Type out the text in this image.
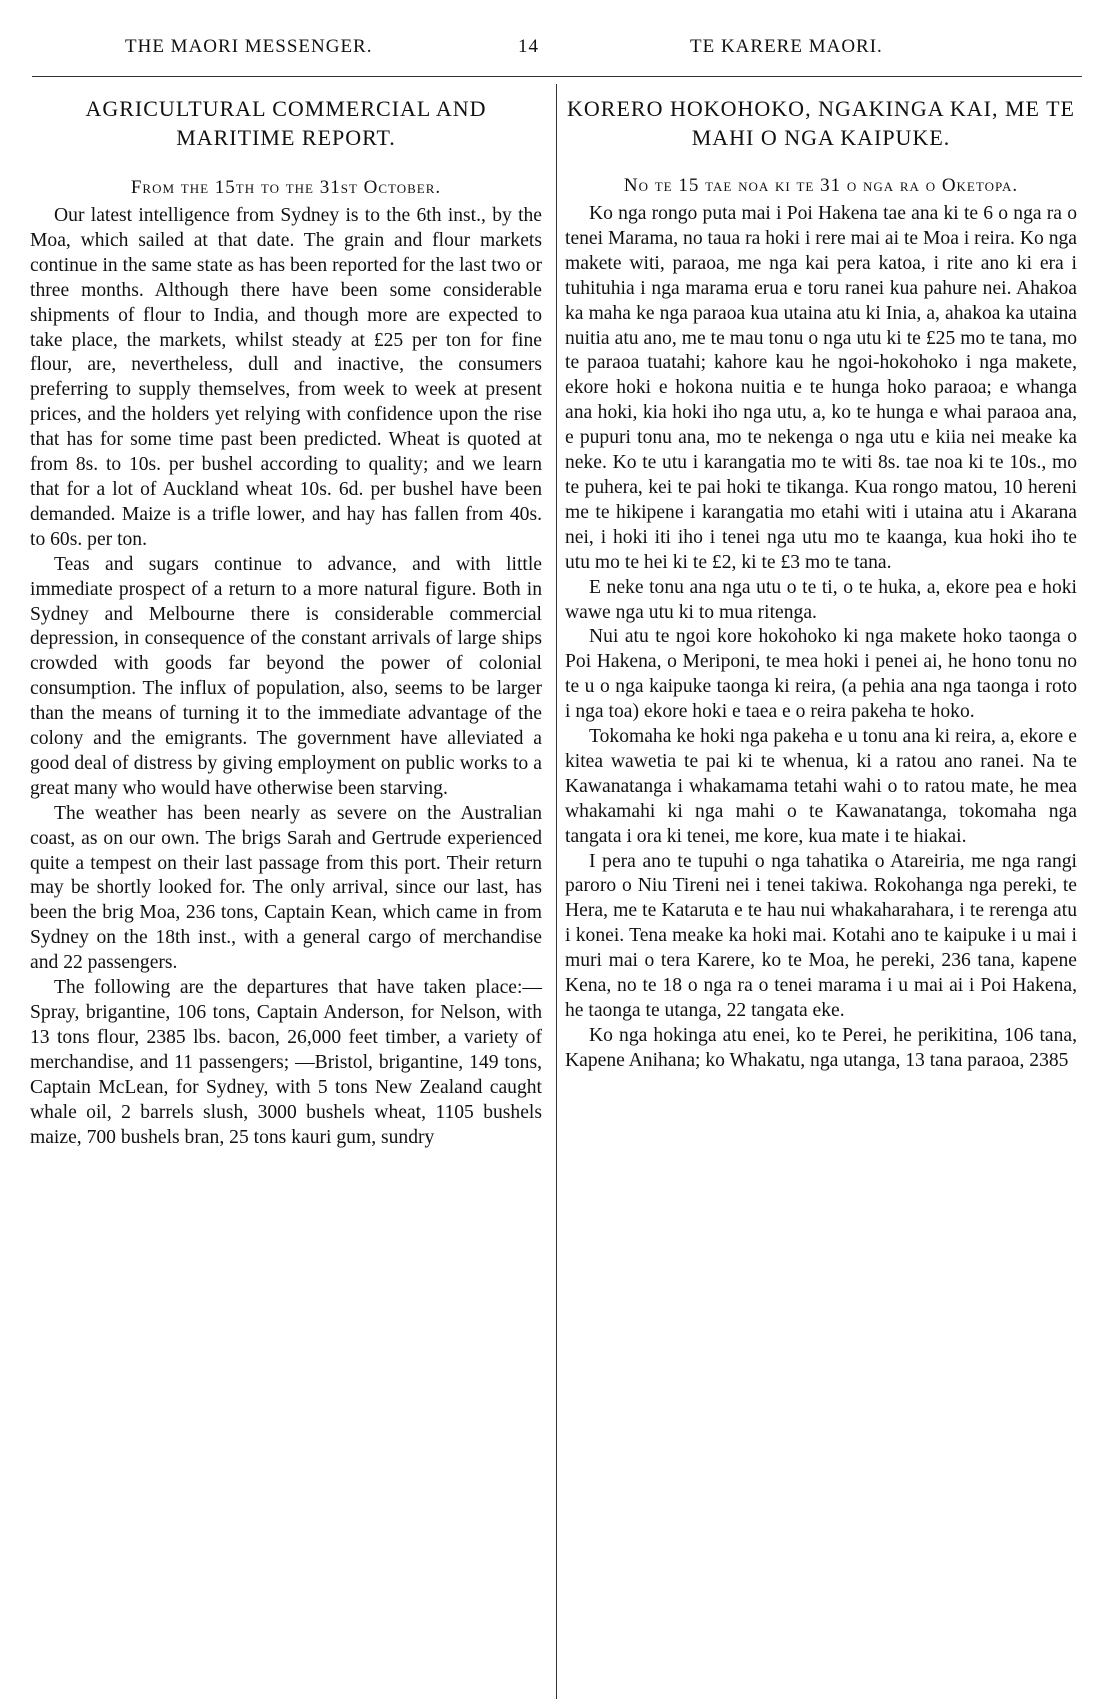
THE MAORI MESSENGER.	14	TE KARERE MAORI.
AGRICULTURAL COMMERCIAL AND MARITIME REPORT.
From the 15th to the 31st October.

Our latest intelligence from Sydney is to the 6th inst., by the Moa, which sailed at that date. The grain and flour markets continue in the same state as has been reported for the last two or three months. Although there have been some considerable shipments of flour to India, and though more are expected to take place, the markets, whilst steady at £25 per ton for fine flour, are, nevertheless, dull and inactive, the consumers preferring to supply themselves, from week to week at present prices, and the holders yet relying with confidence upon the rise that has for some time past been predicted. Wheat is quoted at from 8s. to 10s. per bushel according to quality; and we learn that for a lot of Auckland wheat 10s. 6d. per bushel have been demanded. Maize is a trifle lower, and hay has fallen from 40s. to 60s. per ton.

Teas and sugars continue to advance, and with little immediate prospect of a return to a more natural figure. Both in Sydney and Melbourne there is considerable commercial depression, in consequence of the constant arrivals of large ships crowded with goods far beyond the power of colonial consumption. The influx of population, also, seems to be larger than the means of turning it to the immediate advantage of the colony and the emigrants. The government have alleviated a good deal of distress by giving employment on public works to a great many who would have otherwise been starving.

The weather has been nearly as severe on the Australian coast, as on our own. The brigs Sarah and Gertrude experienced quite a tempest on their last passage from this port. Their return may be shortly looked for. The only arrival, since our last, has been the brig Moa, 236 tons, Captain Kean, which came in from Sydney on the 18th inst., with a general cargo of merchandise and 22 passengers.

The following are the departures that have taken place:—Spray, brigantine, 106 tons, Captain Anderson, for Nelson, with 13 tons flour, 2385 lbs. bacon, 26,000 feet timber, a variety of merchandise, and 11 passengers; —Bristol, brigantine, 149 tons, Captain McLean, for Sydney, with 5 tons New Zealand caught whale oil, 2 barrels slush, 3000 bushels wheat, 1105 bushels maize, 700 bushels bran, 25 tons kauri gum, sundry

KORERO HOKOHOKO, NGAKINGA KAI, ME TE MAHI O NGA KAIPUKE.
No te 15 tae noa ki te 31 o nga ra o Oketopa.

Ko nga rongo puta mai i Poi Hakena tae ana ki te 6 o nga ra o tenei Marama, no taua ra hoki i rere mai ai te Moa i reira. Ko nga makete witi, paraoa, me nga kai pera katoa, i rite ano ki era i tuhituhia i nga marama erua e toru ranei kua pahure nei. Ahakoa ka maha ke nga paraoa kua utaina atu ki Inia, a, ahakoa ka utaina nuitia atu ano, me te mau tonu o nga utu ki te £25 mo te tana, mo te paraoa tuatahi; kahore kau he ngoi-hokohoko i nga makete, ekore hoki e hokona nuitia e te hunga hoko paraoa; e whanga ana hoki, kia hoki iho nga utu, a, ko te hunga e whai paraoa ana, e pupuri tonu ana, mo te nekenga o nga utu e kiia nei meake ka neke. Ko te utu i karangatia mo te witi 8s. tae noa ki te 10s., mo te puhera, kei te pai hoki te tikanga. Kua rongo matou, 10 hereni me te hikipene i karangatia mo etahi witi i utaina atu i Akarana nei, i hoki iti iho i tenei nga utu mo te kaanga, kua hoki iho te utu mo te hei ki te £2, ki te £3 mo te tana.

E neke tonu ana nga utu o te ti, o te huka, a, ekore pea e hoki wawe nga utu ki to mua ritenga.

Nui atu te ngoi kore hokohoko ki nga makete hoko taonga o Poi Hakena, o Meriponi, te mea hoki i penei ai, he hono tonu no te u o nga kaipuke taonga ki reira, (a pehia ana nga taonga i roto i nga toa) ekore hoki e taea e o reira pakeha te hoko.

Tokomaha ke hoki nga pakeha e u tonu ana ki reira, a, ekore e kitea wawetia te pai ki te whenua, ki a ratou ano ranei. Na te Kawanatanga i whakamama tetahi wahi o to ratou mate, he mea whakamahi ki nga mahi o te Kawanatanga, tokomaha nga tangata i ora ki tenei, me kore, kua mate i te hiakai.

I pera ano te tupuhi o nga tahatika o Atareiria, me nga rangi paroro o Niu Tireni nei i tenei takiwa. Rokohanga nga pereki, te Hera, me te Kataruta e te hau nui whakaharahara, i te rerenga atu i konei. Tena meake ka hoki mai. Kotahi ano te kaipuke i u mai i muri mai o tera Karere, ko te Moa, he pereki, 236 tana, kapene Kena, no te 18 o nga ra o tenei marama i u mai ai i Poi Hakena, he taonga te utanga, 22 tangata eke.

Ko nga hokinga atu enei, ko te Perei, he perikitina, 106 tana, Kapene Anihana; ko Whakatu, nga utanga, 13 tana paraoa, 2385
